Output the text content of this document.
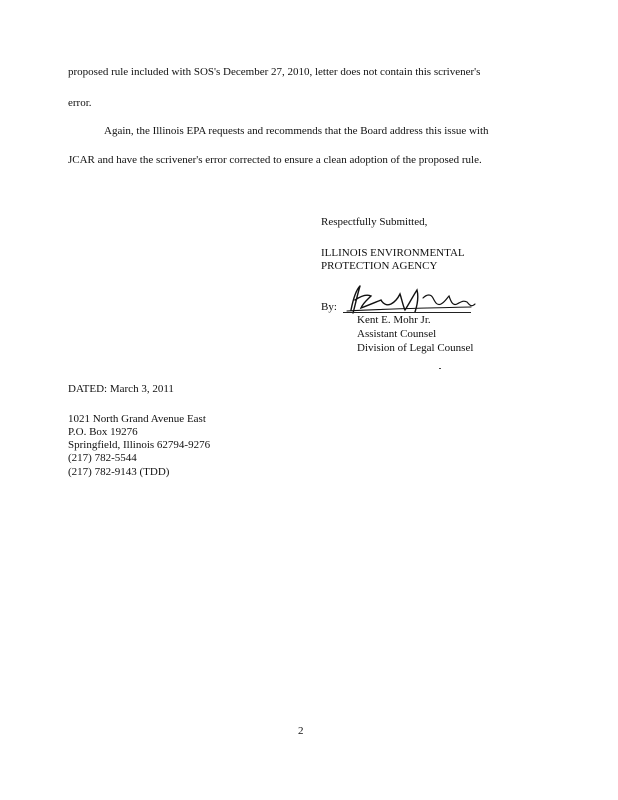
proposed rule included with SOS's December 27, 2010, letter does not contain this scrivener's
error.
Again, the Illinois EPA requests and recommends that the Board address this issue with
JCAR and have the scrivener's error corrected to ensure a clean adoption of the proposed rule.
Respectfully Submitted,
ILLINOIS ENVIRONMENTAL
PROTECTION AGENCY
By:
Kent E. Mohr Jr.
Assistant Counsel
Division of Legal Counsel
DATED: March 3, 2011
1021 North Grand Avenue East
P.O. Box 19276
Springfield, Illinois 62794-9276
(217) 782-5544
(217) 782-9143 (TDD)
2
